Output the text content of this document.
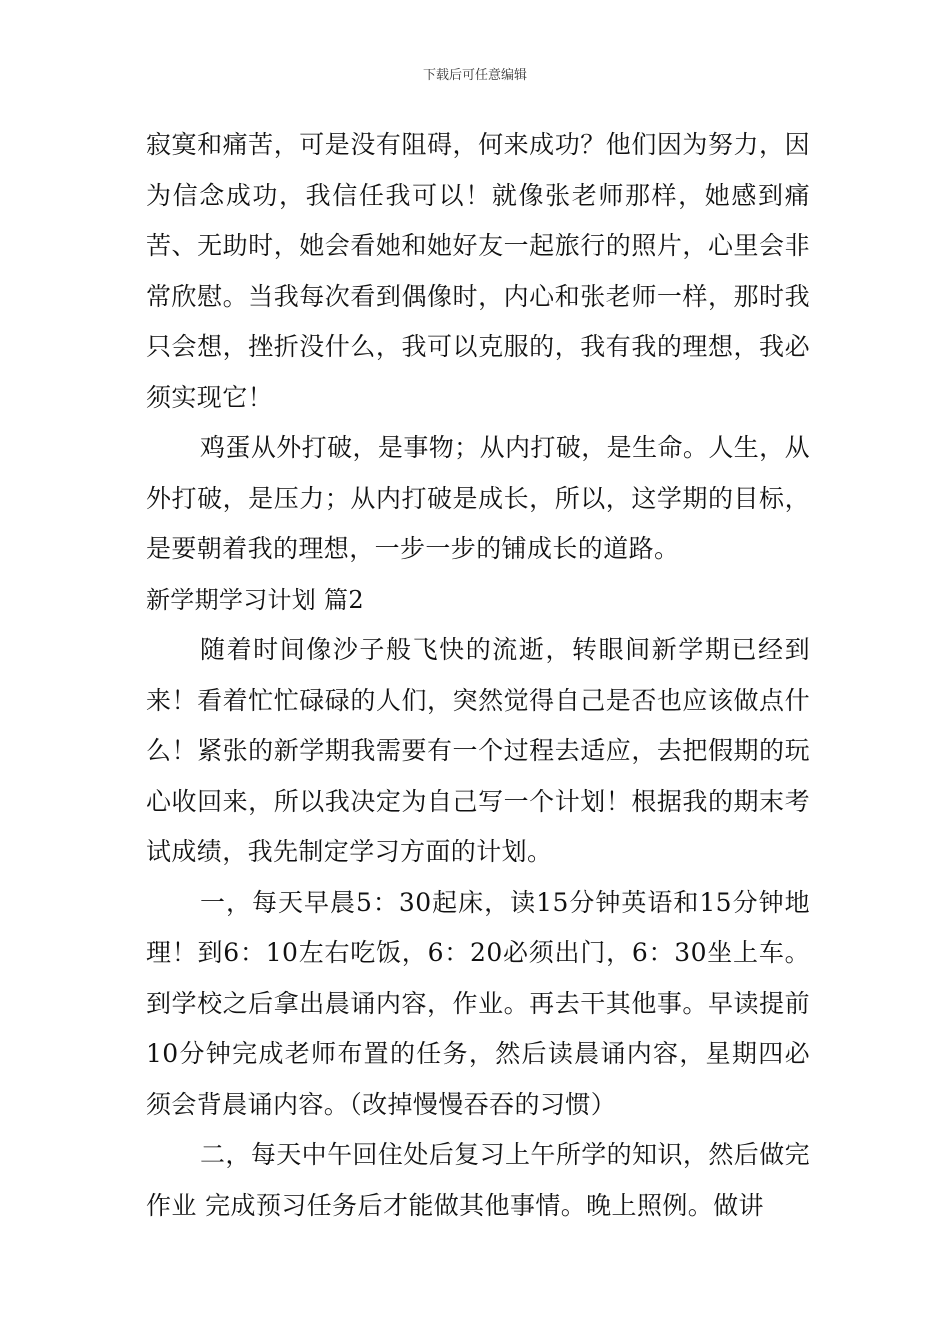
下载后可任意编辑

寂寞和痛苦，可是没有阻碍，何来成功？他们因为努力，因为信念成功，我信任我可以！就像张老师那样，她感到痛苦、无助时，她会看她和她好友一起旅行的照片，心里会非常欣慰。当我每次看到偶像时，内心和张老师一样，那时我只会想，挫折没什么，我可以克服的，我有我的理想，我必须实现它！

鸡蛋从外打破，是事物；从内打破，是生命。人生，从外打破，是压力；从内打破是成长，所以，这学期的目标，是要朝着我的理想，一步一步的铺成长的道路。

新学期学习计划 篇2

随着时间像沙子般飞快的流逝，转眼间新学期已经到来！看着忙忙碌碌的人们，突然觉得自己是否也应该做点什么！紧张的新学期我需要有一个过程去适应，去把假期的玩心收回来，所以我决定为自己写一个计划！根据我的期末考试成绩，我先制定学习方面的计划。

一，每天早晨5：30起床，读15分钟英语和15分钟地理！到6：10左右吃饭，6：20必须出门，6：30坐上车。到学校之后拿出晨诵内容，作业。再去干其他事。早读提前10分钟完成老师布置的任务，然后读晨诵内容，星期四必须会背晨诵内容。（改掉慢慢吞吞的习惯）

二，每天中午回住处后复习上午所学的知识，然后做完作业 完成预习任务后才能做其他事情。晚上照例。做讲
